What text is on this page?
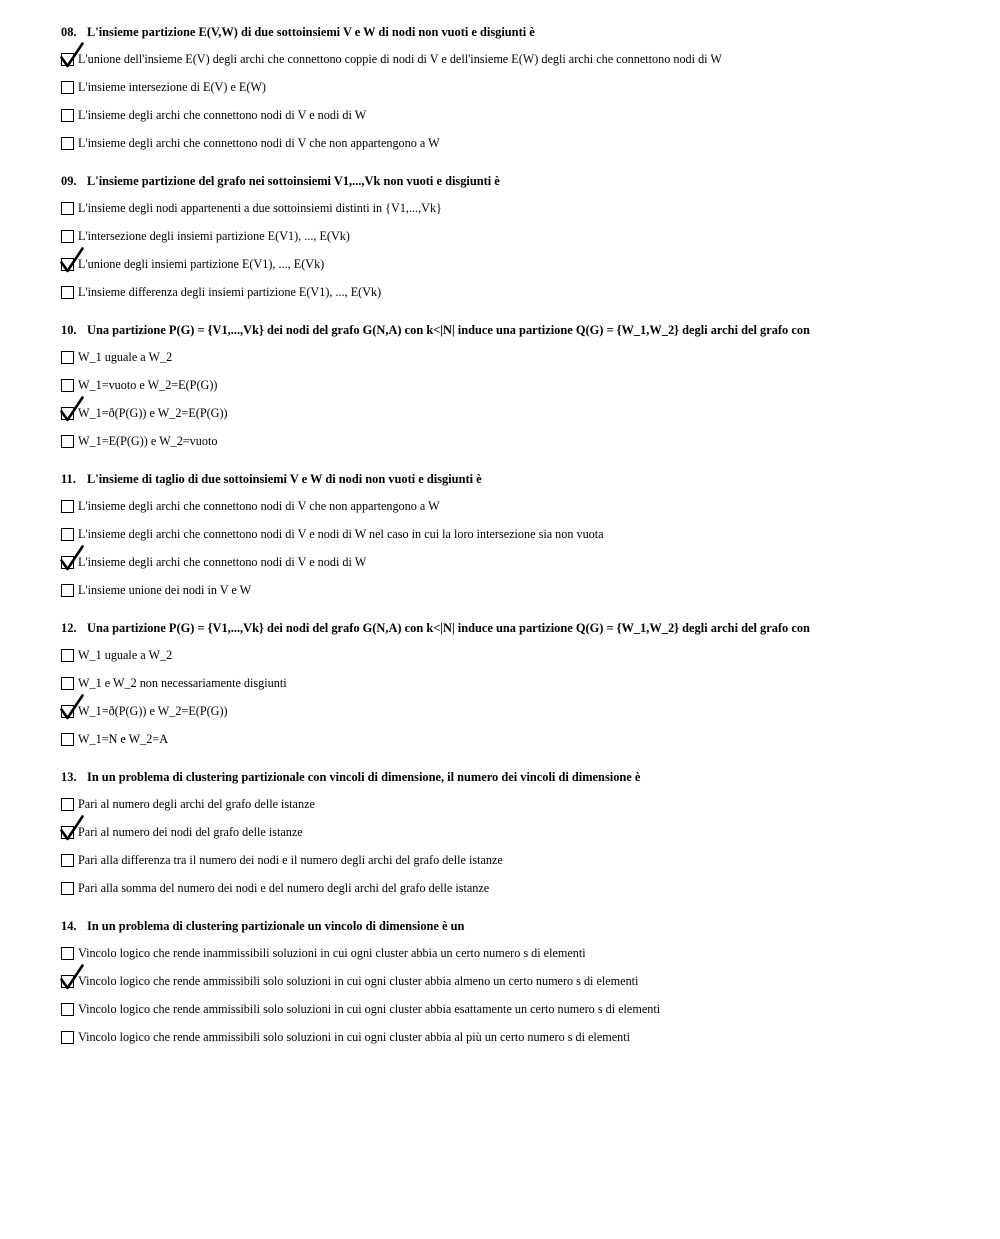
08. L'insieme partizione E(V,W) di due sottoinsiemi V e W di nodi non vuoti e disgiunti è
L'unione dell'insieme E(V) degli archi che connettono coppie di nodi di V e dell'insieme E(W) degli archi che connettono nodi di W
L'insieme intersezione di E(V) e E(W)
L'insieme degli archi che connettono nodi di V e nodi di W
L'insieme degli archi che connettono nodi di V che non appartengono a W
09. L'insieme partizione del grafo nei sottoinsiemi V1,...,Vk non vuoti e disgiunti è
L'insieme degli nodi appartenenti a due sottoinsiemi distinti in {V1,...,Vk}
L'intersezione degli insiemi partizione E(V1), ..., E(Vk)
L'unione degli insiemi partizione E(V1), ..., E(Vk)
L'insieme differenza degli insiemi partizione E(V1), ..., E(Vk)
10. Una partizione P(G) = {V1,...,Vk} dei nodi del grafo G(N,A) con k<|N| induce una partizione Q(G) = {W_1,W_2} degli archi del grafo con
W_1 uguale a W_2
W_1=vuoto e W_2=E(P(G))
W_1=ð(P(G)) e W_2=E(P(G))
W_1=E(P(G)) e W_2=vuoto
11. L'insieme di taglio di due sottoinsiemi V e W di nodi non vuoti e disgiunti è
L'insieme degli archi che connettono nodi di V che non appartengono a W
L'insieme degli archi che connettono nodi di V e nodi di W nel caso in cui la loro intersezione sia non vuota
L'insieme degli archi che connettono nodi di V e nodi di W
L'insieme unione dei nodi in V e W
12. Una partizione P(G) = {V1,...,Vk} dei nodi del grafo G(N,A) con k<|N| induce una partizione Q(G) = {W_1,W_2} degli archi del grafo con
W_1 uguale a W_2
W_1 e W_2 non necessariamente disgiunti
W_1=ð(P(G)) e W_2=E(P(G))
W_1=N e W_2=A
13. In un problema di clustering partizionale con vincoli di dimensione, il numero dei vincoli di dimensione è
Pari al numero degli archi del grafo delle istanze
Pari al numero dei nodi del grafo delle istanze
Pari alla differenza tra il numero dei nodi e il numero degli archi del grafo delle istanze
Pari alla somma del numero dei nodi e del numero degli archi del grafo delle istanze
14. In un problema di clustering partizionale un vincolo di dimensione è un
Vincolo logico che rende inammissibili soluzioni in cui ogni cluster abbia un certo numero s di elementi
Vincolo logico che rende ammissibili solo soluzioni in cui ogni cluster abbia almeno un certo numero s di elementi
Vincolo logico che rende ammissibili solo soluzioni in cui ogni cluster abbia esattamente un certo numero s di elementi
Vincolo logico che rende ammissibili solo soluzioni in cui ogni cluster abbia al più un certo numero s di elementi
